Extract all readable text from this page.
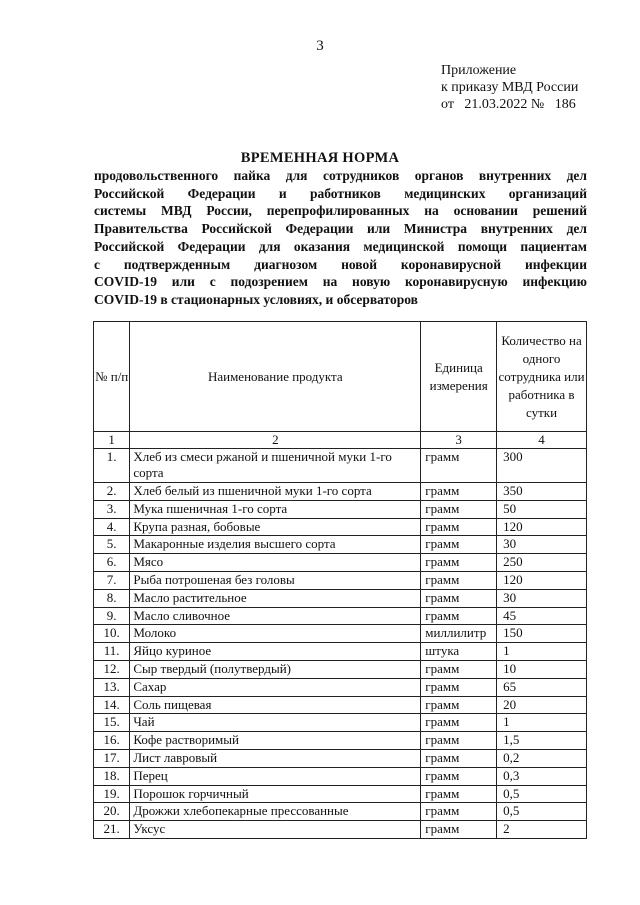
3
Приложение
к приказу МВД России
от   21.03.2022 №   186
ВРЕМЕННАЯ НОРМА
продовольственного пайка для сотрудников органов внутренних дел
Российской Федерации и работников медицинских организаций
системы МВД России, перепрофилированных на основании решений
Правительства Российской Федерации или Министра внутренних дел
Российской Федерации для оказания медицинской помощи пациентам
с подтвержденным диагнозом новой коронавирусной инфекции
COVID-19 или с подозрением на новую коронавирусную инфекцию
COVID-19 в стационарных условиях, и обсерваторов
№ п/п	Наименование продукта	Единица измерения	Количество на одного сотрудника или работника в сутки
1	2	3	4
1.	Хлеб из смеси ржаной и пшеничной муки 1-го сорта	грамм	300
2.	Хлеб белый из пшеничной муки 1-го сорта	грамм	350
3.	Мука пшеничная 1-го сорта	грамм	50
4.	Крупа разная, бобовые	грамм	120
5.	Макаронные изделия высшего сорта	грамм	30
6.	Мясо	грамм	250
7.	Рыба потрошеная без головы	грамм	120
8.	Масло растительное	грамм	30
9.	Масло сливочное	грамм	45
10.	Молоко	миллилитр	150
11.	Яйцо куриное	штука	1
12.	Сыр твердый (полутвердый)	грамм	10
13.	Сахар	грамм	65
14.	Соль пищевая	грамм	20
15.	Чай	грамм	1
16.	Кофе растворимый	грамм	1,5
17.	Лист лавровый	грамм	0,2
18.	Перец	грамм	0,3
19.	Порошок горчичный	грамм	0,5
20.	Дрожжи хлебопекарные прессованные	грамм	0,5
21.	Уксус	грамм	2
